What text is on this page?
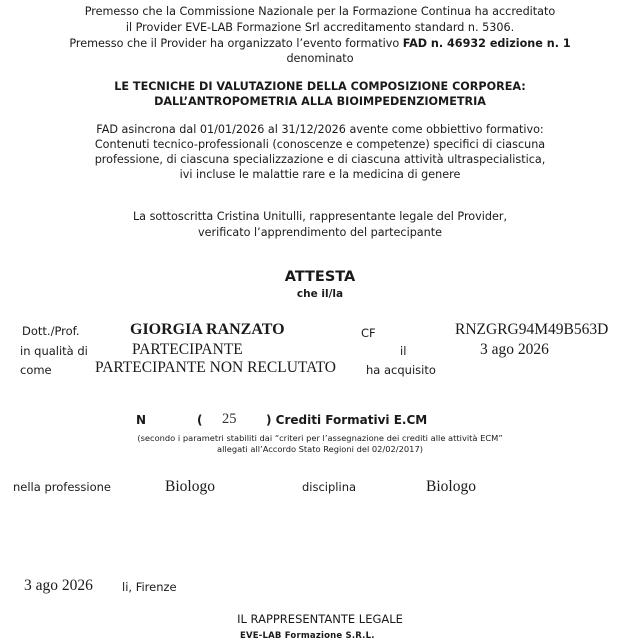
Premesso che la Commissione Nazionale per la Formazione Continua ha accreditato
il Provider EVE-LAB Formazione Srl accreditamento standard n. 5306.
Premesso che il Provider ha organizzato l’evento formativo FAD n. 46932 edizione n. 1
denominato
LE TECNICHE DI VALUTAZIONE DELLA COMPOSIZIONE CORPOREA:
DALL’ANTROPOMETRIA ALLA BIOIMPEDENZIOMETRIA
FAD asincrona dal 01/01/2026 al 31/12/2026 avente come obbiettivo formativo:
Contenuti tecnico-professionali (conoscenze e competenze) specifici di ciascuna
professione, di ciascuna specializzazione e di ciascuna attività ultraspecialistica,
ivi incluse le malattie rare e la medicina di genere
La sottoscritta Cristina Unitulli, rappresentante legale del Provider,
verificato l’apprendimento del partecipante
ATTESTA
che il/la
Dott./Prof.	GIORGIA RANZATO	CF	RNZGRG94M49B563D
in qualità di	PARTECIPANTE	il	3 ago 2026
come	PARTECIPANTE NON RECLUTATO	ha acquisito
N	( 25 ) Crediti Formativi E.CM
(secondo i parametri stabiliti dai “criteri per l’assegnazione dei crediti alle attività ECM”
allegati all’Accordo Stato Regioni del 02/02/2017)
nella professione	Biologo	disciplina	Biologo
3 ago 2026	li, Firenze
IL RAPPRESENTANTE LEGALE
EVE-LAB Formazione S.R.L.
